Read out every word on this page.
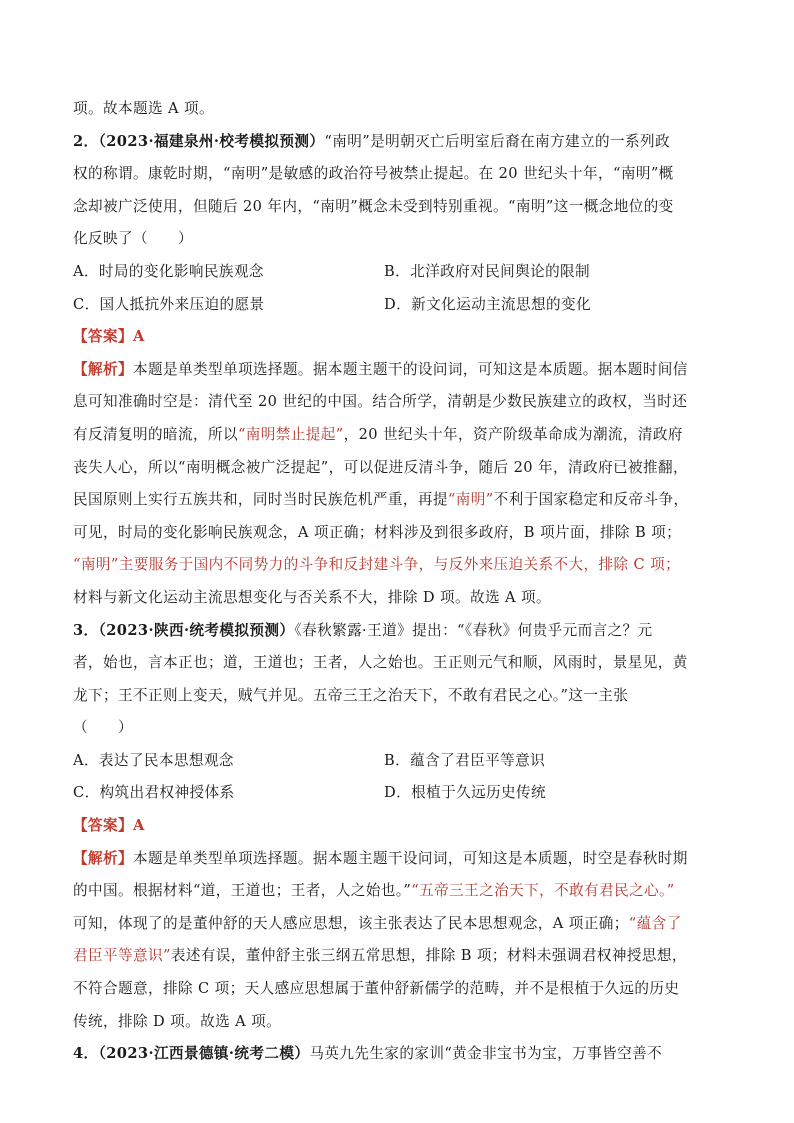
项。故本题选 A 项。
2．（2023·福建泉州·校考模拟预测）“南明”是明朝灭亡后明室后裔在南方建立的一系列政
权的称谓。康乾时期，“南明”是敏感的政治符号被禁止提起。在 20 世纪头十年，“南明”概
念却被广泛使用，但随后 20 年内，“南明”概念未受到特别重视。“南明”这一概念地位的变
化反映了（　　）
A．时局的变化影响民族观念	B．北洋政府对民间舆论的限制
C．国人抵抗外来压迫的愿景	D．新文化运动主流思想的变化
【答案】A
【解析】本题是单类型单项选择题。据本题主题干的设问词，可知这是本质题。据本题时间信
息可知准确时空是：清代至 20 世纪的中国。结合所学，清朝是少数民族建立的政权，当时还
有反清复明的暗流，所以“南明禁止提起”，20 世纪头十年，资产阶级革命成为潮流，清政府
丧失人心，所以“南明概念被广泛提起”，可以促进反清斗争，随后 20 年，清政府已被推翻，
民国原则上实行五族共和，同时当时民族危机严重，再提“南明”不利于国家稳定和反帝斗争，
可见，时局的变化影响民族观念，A 项正确；材料涉及到很多政府，B 项片面，排除 B 项；
“南明”主要服务于国内不同势力的斗争和反封建斗争，与反外来压迫关系不大，排除 C 项；
材料与新文化运动主流思想变化与否关系不大，排除 D 项。故选 A 项。
3．（2023·陕西·统考模拟预测）《春秋繁露·王道》提出：“《春秋》何贵乎元而言之？元
者，始也，言本正也；道，王道也；王者，人之始也。王正则元气和顺，风雨时，景星见，黄
龙下；王不正则上变天，贼气并见。五帝三王之治天下，不敢有君民之心。”这一主张
（　　）
A．表达了民本思想观念	B．蕴含了君臣平等意识
C．构筑出君权神授体系	D．根植于久远历史传统
【答案】A
【解析】本题是单类型单项选择题。据本题主题干设问词，可知这是本质题，时空是春秋时期
的中国。根据材料“道，王道也；王者，人之始也。”“五帝三王之治天下，不敢有君民之心。”
可知，体现了的是董仲舒的天人感应思想，该主张表达了民本思想观念，A 项正确；“蕴含了
君臣平等意识”表述有误，董仲舒主张三纲五常思想，排除 B 项；材料未强调君权神授思想，
不符合题意，排除 C 项；天人感应思想属于董仲舒新儒学的范畴，并不是根植于久远的历史
传统，排除 D 项。故选 A 项。
4．（2023·江西景德镇·统考二模）马英九先生家的家训“黄金非宝书为宝，万事皆空善不
